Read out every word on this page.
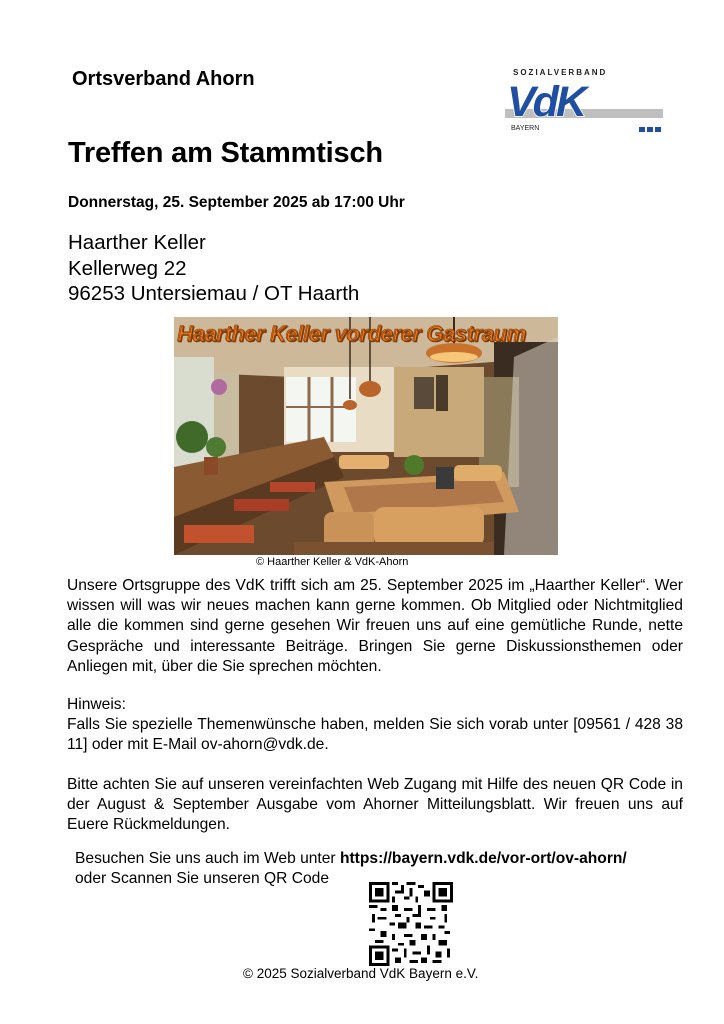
Ortsverband Ahorn	SOZIALVERBAND
VdK
BAYERN
Treffen am Stammtisch
Donnerstag, 25. September 2025 ab 17:00 Uhr
Haarther Keller
Kellerweg 22
96253 Untersiemau / OT Haarth
Haarther Keller vorderer Gastraum
© Haarther Keller & VdK-Ahorn
Unsere Ortsgruppe des VdK trifft sich am 25. September 2025 im „Haarther Keller“. Wer wissen will was wir neues machen kann gerne kommen. Ob Mitglied oder Nichtmitglied alle die kommen sind gerne gesehen Wir freuen uns auf eine gemütliche Runde, nette Gespräche und interessante Beiträge. Bringen Sie gerne Diskussionsthemen oder Anliegen mit, über die Sie sprechen möchten.
Hinweis:
Falls Sie spezielle Themenwünsche haben, melden Sie sich vorab unter [09561 / 428 38 11] oder mit E-Mail ov-ahorn@vdk.de.
Bitte achten Sie auf unseren vereinfachten Web Zugang mit Hilfe des neuen QR Code in der August & September Ausgabe vom Ahorner Mitteilungsblatt. Wir freuen uns auf Euere Rückmeldungen.
Besuchen Sie uns auch im Web unter https://bayern.vdk.de/vor-ort/ov-ahorn/
oder Scannen Sie unseren QR Code
© 2025 Sozialverband VdK Bayern e.V.
